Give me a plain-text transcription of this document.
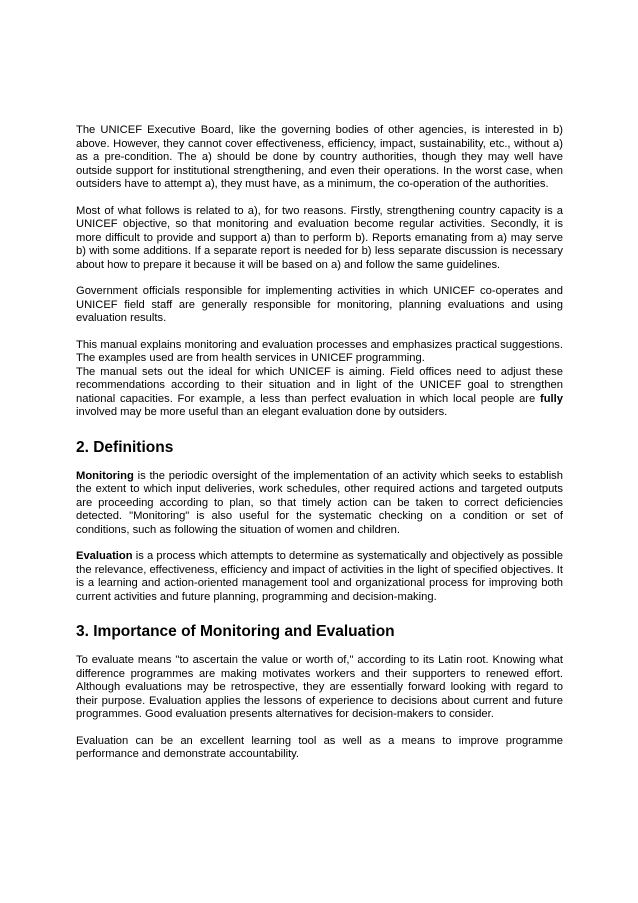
The UNICEF Executive Board, like the governing bodies of other agencies, is interested in b) above. However, they cannot cover effectiveness, efficiency, impact, sustainability, etc., without a) as a pre-condition. The a) should be done by country authorities, though they may well have outside support for institutional strengthening, and even their operations. In the worst case, when outsiders have to attempt a), they must have, as a minimum, the co-operation of the authorities.

Most of what follows is related to a), for two reasons. Firstly, strengthening country capacity is a UNICEF objective, so that monitoring and evaluation become regular activities. Secondly, it is more difficult to provide and support a) than to perform b). Reports emanating from a) may serve b) with some additions. If a separate report is needed for b) less separate discussion is necessary about how to prepare it because it will be based on a) and follow the same guidelines.

Government officials responsible for implementing activities in which UNICEF co-operates and UNICEF field staff are generally responsible for monitoring, planning evaluations and using evaluation results.

This manual explains monitoring and evaluation processes and emphasizes practical suggestions. The examples used are from health services in UNICEF programming.

The manual sets out the ideal for which UNICEF is aiming. Field offices need to adjust these recommendations according to their situation and in light of the UNICEF goal to strengthen national capacities. For example, a less than perfect evaluation in which local people are fully involved may be more useful than an elegant evaluation done by outsiders.

2. Definitions

Monitoring is the periodic oversight of the implementation of an activity which seeks to establish the extent to which input deliveries, work schedules, other required actions and targeted outputs are proceeding according to plan, so that timely action can be taken to correct deficiencies detected. "Monitoring" is also useful for the systematic checking on a condition or set of conditions, such as following the situation of women and children.

Evaluation is a process which attempts to determine as systematically and objectively as possible the relevance, effectiveness, efficiency and impact of activities in the light of specified objectives. It is a learning and action-oriented management tool and organizational process for improving both current activities and future planning, programming and decision-making.

3. Importance of Monitoring and Evaluation

To evaluate means "to ascertain the value or worth of," according to its Latin root. Knowing what difference programmes are making motivates workers and their supporters to renewed effort. Although evaluations may be retrospective, they are essentially forward looking with regard to their purpose. Evaluation applies the lessons of experience to decisions about current and future programmes. Good evaluation presents alternatives for decision-makers to consider.

Evaluation can be an excellent learning tool as well as a means to improve programme performance and demonstrate accountability.
